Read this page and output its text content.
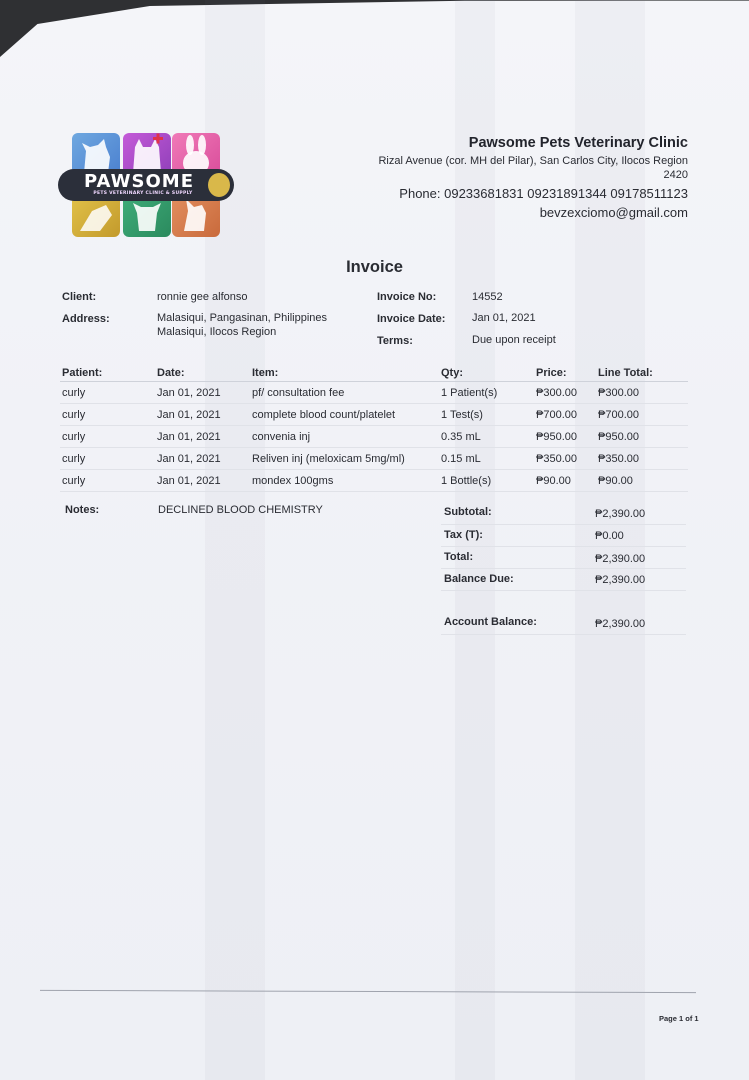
PAWSOME
PETS VETERINARY CLINIC & SUPPLY
Pawsome Pets Veterinary Clinic
Rizal Avenue (cor. MH del Pilar), San Carlos City, Ilocos Region
2420
Phone: 09233681831 09231891344 09178511123
bevzexciomo@gmail.com
Invoice
Client:	ronnie gee alfonso
Address:	Malasiqui, Pangasinan, Philippines
Malasiqui, Ilocos Region
Invoice No:	14552
Invoice Date: Jan 01, 2021
Terms:	Due upon receipt
Patient:	Date:	Item:	Qty:	Price:	Line Total:
curly	Jan 01, 2021	pf/ consultation fee	1 Patient(s)	₱300.00 ₱300.00
curly	Jan 01, 2021	complete blood count/platelet	1 Test(s)	₱700.00 ₱700.00
curly	Jan 01, 2021	convenia inj	0.35 mL	₱950.00 ₱950.00
curly	Jan 01, 2021	Reliven inj (meloxicam 5mg/ml)	0.15 mL	₱350.00 ₱350.00
curly	Jan 01, 2021	mondex 100gms	1 Bottle(s)	₱90.00 ₱90.00
Notes:	DECLINED BLOOD CHEMISTRY	Subtotal:	₱2,390.00
Tax (T):	₱0.00
Total:	₱2,390.00
Balance Due:	₱2,390.00
Account Balance:	₱2,390.00
Page 1 of 1
